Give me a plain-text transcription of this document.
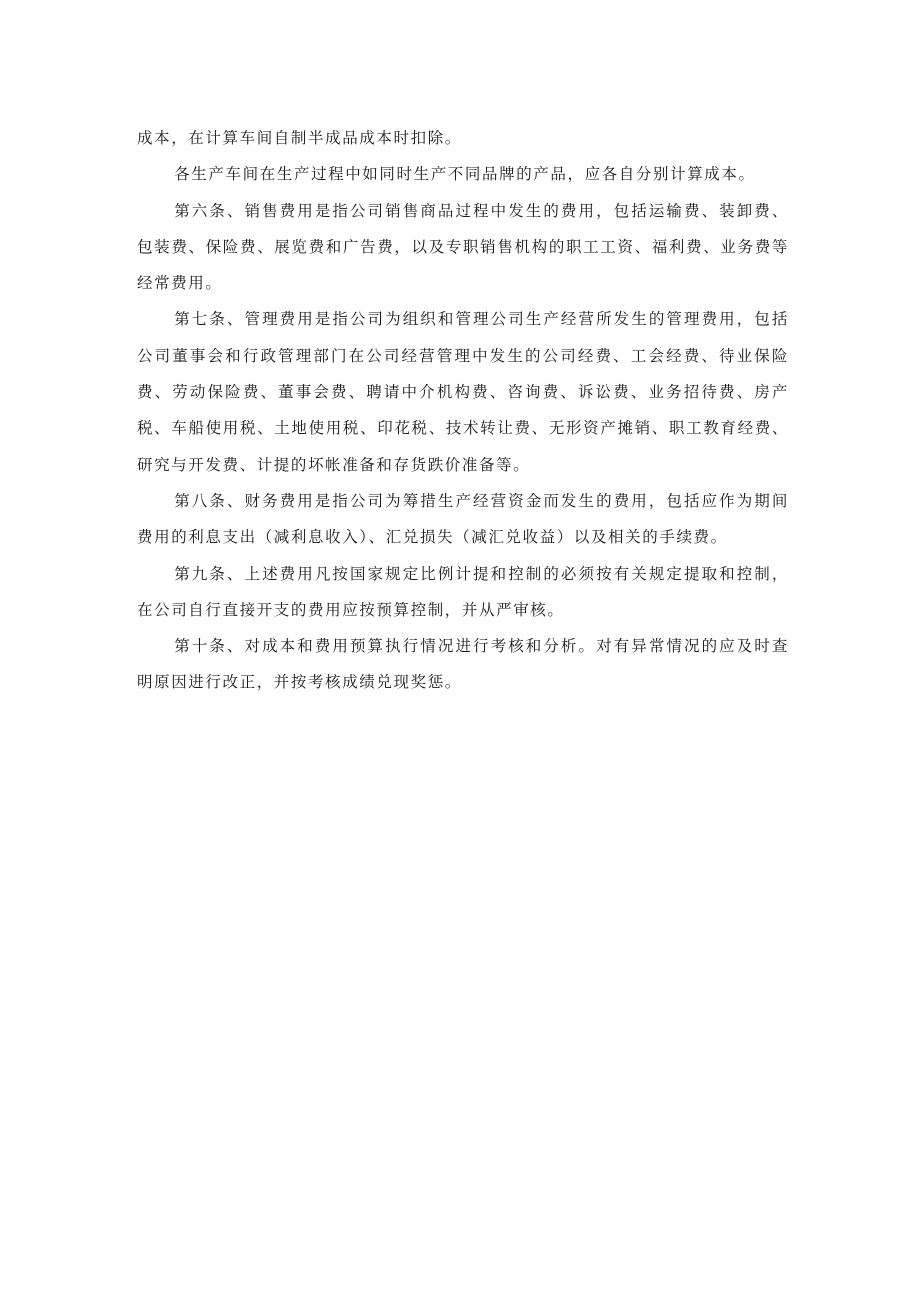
成本，在计算车间自制半成品成本时扣除。

各生产车间在生产过程中如同时生产不同品牌的产品，应各自分别计算成本。

第六条、销售费用是指公司销售商品过程中发生的费用，包括运输费、装卸费、包装费、保险费、展览费和广告费，以及专职销售机构的职工工资、福利费、业务费等经常费用。

第七条、管理费用是指公司为组织和管理公司生产经营所发生的管理费用，包括公司董事会和行政管理部门在公司经营管理中发生的公司经费、工会经费、待业保险费、劳动保险费、董事会费、聘请中介机构费、咨询费、诉讼费、业务招待费、房产税、车船使用税、土地使用税、印花税、技术转让费、无形资产摊销、职工教育经费、研究与开发费、计提的坏帐准备和存货跌价准备等。

第八条、财务费用是指公司为筹措生产经营资金而发生的费用，包括应作为期间费用的利息支出（减利息收入）、汇兑损失（减汇兑收益）以及相关的手续费。

第九条、上述费用凡按国家规定比例计提和控制的必须按有关规定提取和控制，在公司自行直接开支的费用应按预算控制，并从严审核。

第十条、对成本和费用预算执行情况进行考核和分析。对有异常情况的应及时查明原因进行改正，并按考核成绩兑现奖惩。
